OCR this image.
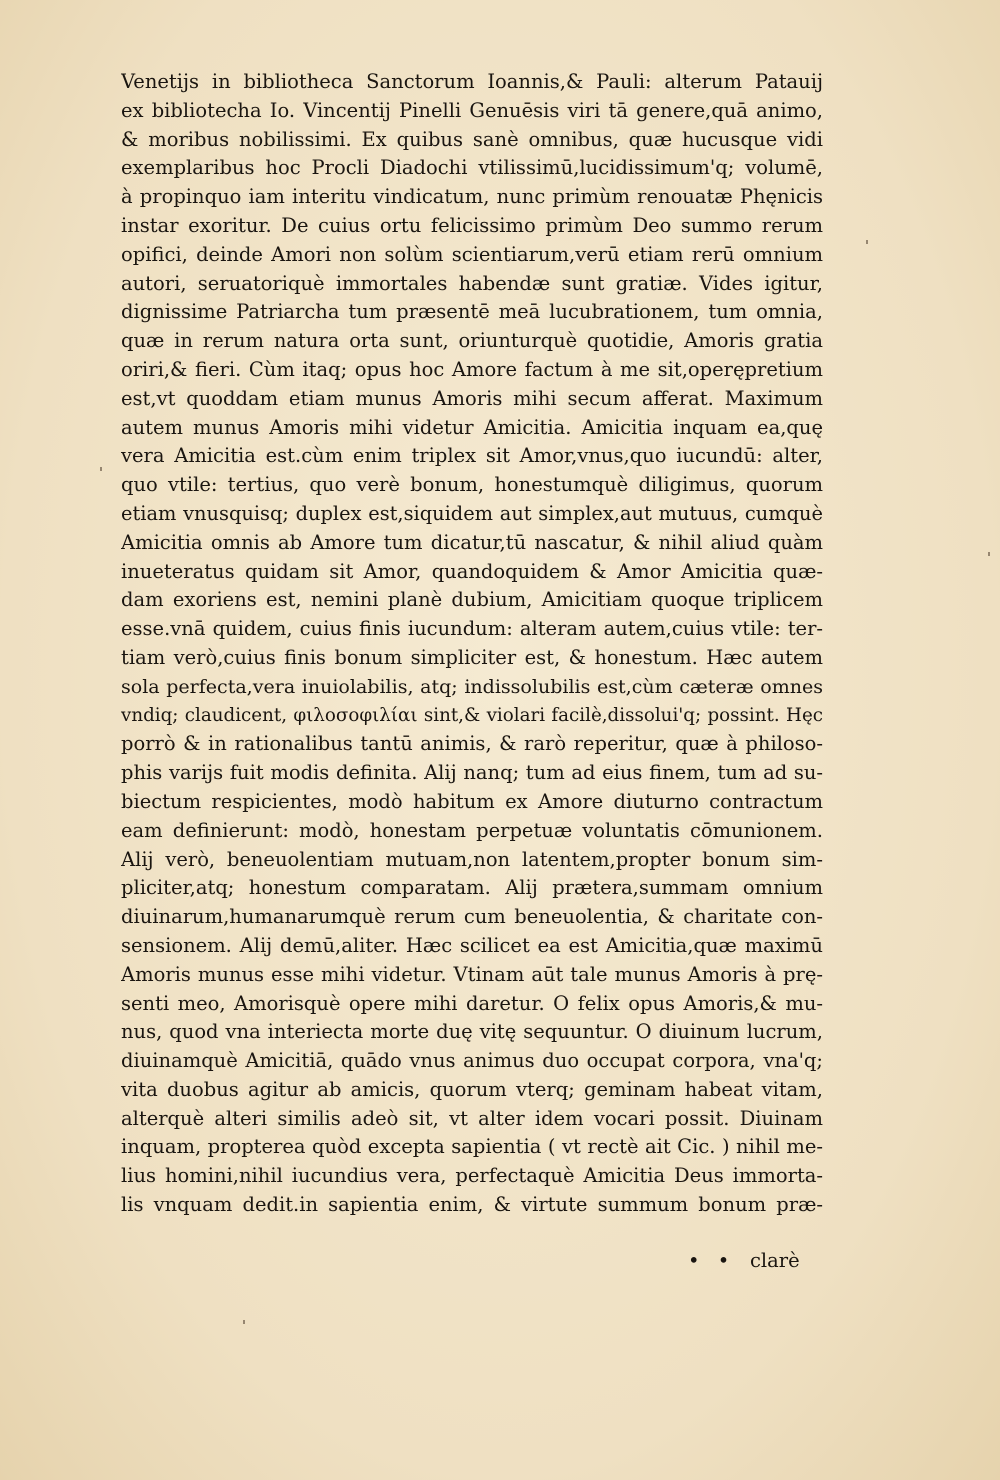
Venetijs in bibliotheca Sanctorum Ioannis,& Pauli: alterum Patauij
ex bibliotecha Io. Vincentij Pinelli Genuēsis viri tā genere,quā animo,
& moribus nobilissimi. Ex quibus sanè omnibus, quæ hucusque vidi
exemplaribus hoc Procli Diadochi vtilissimū,lucidissimum'q; volumē,
à propinquo iam interitu vindicatum, nunc primùm renouatæ Phęnicis
instar exoritur. De cuius ortu felicissimo primùm Deo summo rerum
opifici, deinde Amori non solùm scientiarum,verū etiam rerū omnium
autori, seruatoriquè immortales habendæ sunt gratiæ. Vides igitur,
dignissime Patriarcha tum præsentē meā lucubrationem, tum omnia,
quæ in rerum natura orta sunt, oriunturquè quotidie, Amoris gratia
oriri,& fieri. Cùm itaq; opus hoc Amore factum à me sit,operępretium
est,vt quoddam etiam munus Amoris mihi secum afferat. Maximum
autem munus Amoris mihi videtur Amicitia. Amicitia inquam ea,quę
vera Amicitia est.cùm enim triplex sit Amor,vnus,quo iucundū: alter,
quo vtile: tertius, quo verè bonum, honestumquè diligimus, quorum
etiam vnusquisq; duplex est,siquidem aut simplex,aut mutuus, cumquè
Amicitia omnis ab Amore tum dicatur,tū nascatur, & nihil aliud quàm
inueteratus quidam sit Amor, quandoquidem & Amor Amicitia quæ-
dam exoriens est, nemini planè dubium, Amicitiam quoque triplicem
esse.vnā quidem, cuius finis iucundum: alteram autem,cuius vtile: ter-
tiam verò,cuius finis bonum simpliciter est, & honestum. Hæc autem
sola perfecta,vera inuiolabilis, atq; indissolubilis est,cùm cæteræ omnes
vndiq; claudicent, φιλοσοφιλίαι sint,& violari facilè,dissolui'q; possint. Hęc
porrò & in rationalibus tantū animis, & rarò reperitur, quæ à philoso-
phis varijs fuit modis definita. Alij nanq; tum ad eius finem, tum ad su-
biectum respicientes, modò habitum ex Amore diuturno contractum
eam definierunt: modò, honestam perpetuæ voluntatis cōmunionem.
Alij verò, beneuolentiam mutuam,non latentem,propter bonum sim-
pliciter,atq; honestum comparatam. Alij prætera,summam omnium
diuinarum,humanarumquè rerum cum beneuolentia, & charitate con-
sensionem. Alij demū,aliter. Hæc scilicet ea est Amicitia,quæ maximū
Amoris munus esse mihi videtur. Vtinam aūt tale munus Amoris à prę-
senti meo, Amorisquè opere mihi daretur. O felix opus Amoris,& mu-
nus, quod vna interiecta morte duę vitę sequuntur. O diuinum lucrum,
diuinamquè Amicitiā, quādo vnus animus duo occupat corpora, vna'q;
vita duobus agitur ab amicis, quorum vterq; geminam habeat vitam,
alterquè alteri similis adeò sit, vt alter idem vocari possit. Diuinam
inquam, propterea quòd excepta sapientia ( vt rectè ait Cic. ) nihil me-
lius homini,nihil iucundius vera, perfectaquè Amicitia Deus immorta-
lis vnquam dedit.in sapientia enim, & virtute summum bonum præ-
• • clarè
